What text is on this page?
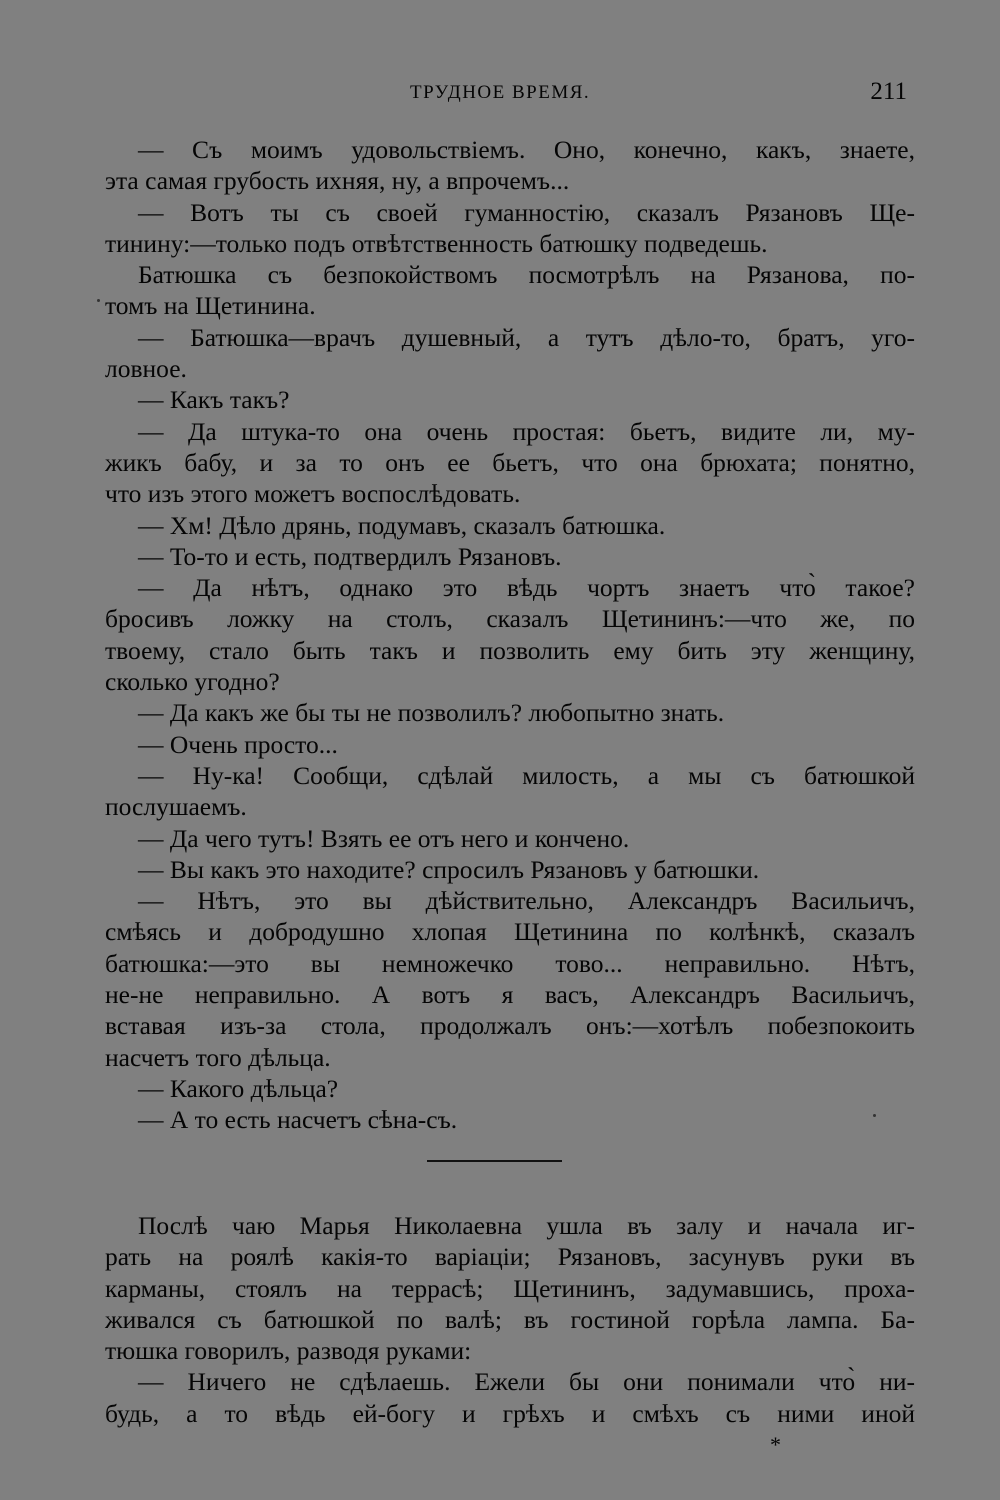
ТРУДНОЕ ВРЕМЯ.	211
— Съ моимъ удовольствіемъ. Оно, конечно, какъ, знаете,
эта самая грубость ихняя, ну, а впрочемъ...
— Вотъ ты съ своей гуманностію, сказалъ Рязановъ Ще-
тинину:—только подъ отвѣтственность батюшку подведешь.
Батюшка съ безпокойствомъ посмотрѣлъ на Рязанова, по-
томъ на Щетинина.
— Батюшка—врачъ душевный, а тутъ дѣло-то, братъ, уго-
ловное.
— Какъ такъ?
— Да штука-то она очень простая: бьетъ, видите ли, му-
жикъ бабу, и за то онъ ее бьетъ, что она брюхата; понятно,
что изъ этого можетъ воспослѣдовать.
— Хм! Дѣло дрянь, подумавъ, сказалъ батюшка.
— То-то и есть, подтвердилъ Рязановъ.
— Да нѣтъ, однако это вѣдь чортъ знаетъ что̀ такое?
бросивъ ложку на столъ, сказалъ Щетининъ:—что же, по
твоему, стало быть такъ и позволить ему бить эту женщину,
сколько угодно?
— Да какъ же бы ты не позволилъ? любопытно знать.
— Очень просто...
— Ну-ка! Сообщи, сдѣлай милость, а мы съ батюшкой
послушаемъ.
— Да чего тутъ! Взять ее отъ него и кончено.
— Вы какъ это находите? спросилъ Рязановъ у батюшки.
— Нѣтъ, это вы дѣйствительно, Александръ Васильичъ,
смѣясь и добродушно хлопая Щетинина по колѣнкѣ, сказалъ
батюшка:—это вы немножечко тово... неправильно. Нѣтъ,
не-не неправильно. А вотъ я васъ, Александръ Васильичъ,
вставая изъ-за стола, продолжалъ онъ:—хотѣлъ побезпокоить
насчетъ того дѣльца.
— Какого дѣльца?
— А то есть насчетъ сѣна-съ.
Послѣ чаю Марья Николаевна ушла въ залу и начала иг-
рать на роялѣ какія-то варіаціи; Рязановъ, засунувъ руки въ
карманы, стоялъ на террасѣ; Щетининъ, задумавшись, проха-
живался съ батюшкой по валѣ; въ гостиной горѣла лампа. Ба-
тюшка говорилъ, разводя руками:
— Ничего не сдѣлаешь. Ежели бы они понимали что̀ ни-
будь, а то вѣдь ей-богу и грѣхъ и смѣхъ съ ними иной
*
